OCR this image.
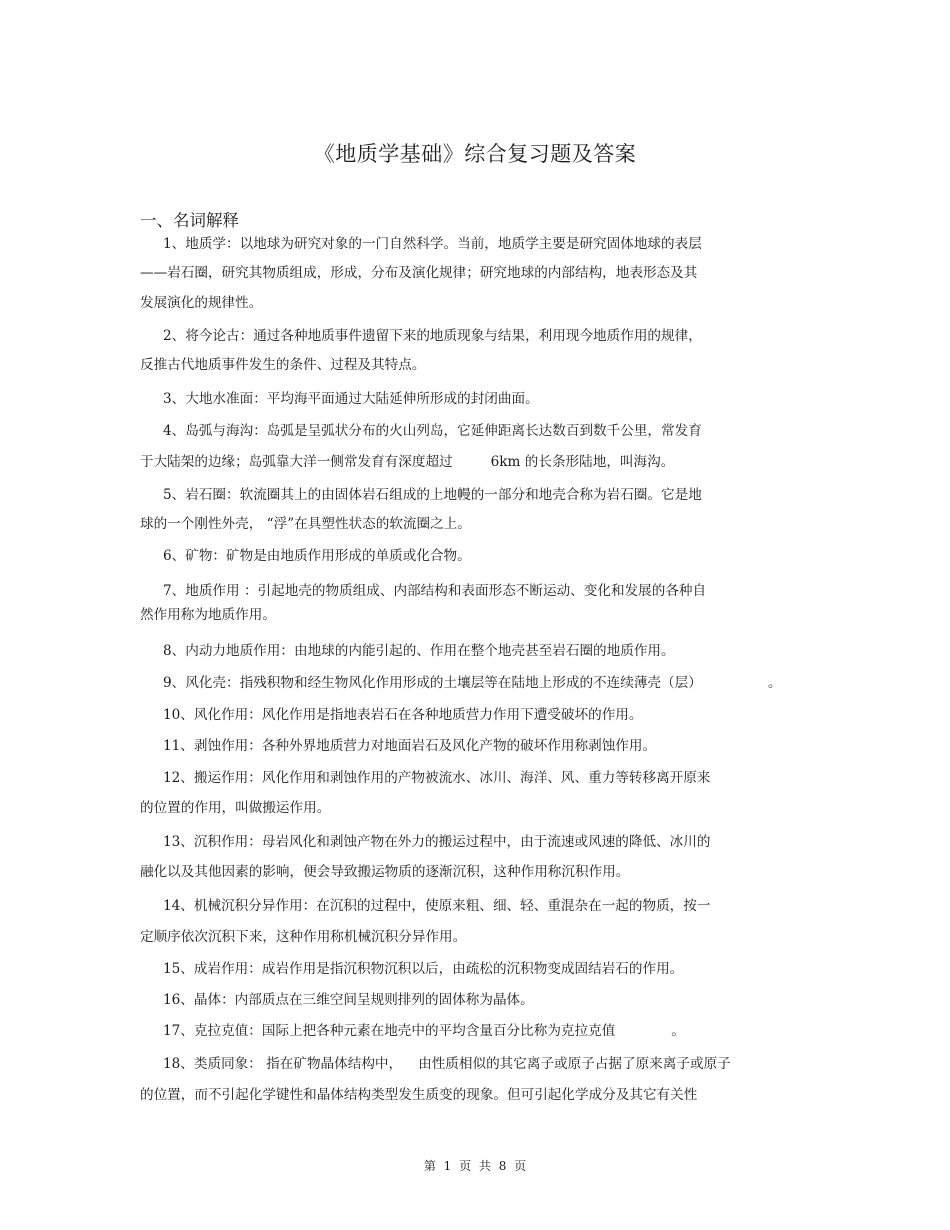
《地质学基础》综合复习题及答案
一、名词解释
1、地质学：以地球为研究对象的一门自然科学。当前，地质学主要是研究固体地球的表层
——岩石圈，研究其物质组成，形成，分布及演化规律；研究地球的内部结构，地表形态及其
发展演化的规律性。
2、将今论古：通过各种地质事件遗留下来的地质现象与结果，利用现今地质作用的规律，
反推古代地质事件发生的条件、过程及其特点。
3、大地水准面：平均海平面通过大陆延伸所形成的封闭曲面。
4、岛弧与海沟：岛弧是呈弧状分布的火山列岛，它延伸距离长达数百到数千公里，常发育
于大陆架的边缘；岛弧靠大洋一侧常发育有深度超过	6km 的长条形陆地，叫海沟。
5、岩石圈：软流圈其上的由固体岩石组成的上地幔的一部分和地壳合称为岩石圈。它是地
球的一个刚性外壳， “浮”在具塑性状态的软流圈之上。
6、矿物：矿物是由地质作用形成的单质或化合物。
7、地质作用 ：引起地壳的物质组成、内部结构和表面形态不断运动、变化和发展的各种自
然作用称为地质作用。
8、内动力地质作用：由地球的内能引起的、作用在整个地壳甚至岩石圈的地质作用。
9、风化壳：指残积物和经生物风化作用形成的土壤层等在陆地上形成的不连续薄壳（层）	。
10、风化作用：风化作用是指地表岩石在各种地质营力作用下遭受破坏的作用。
11、剥蚀作用：各种外界地质营力对地面岩石及风化产物的破坏作用称剥蚀作用。
12、搬运作用：风化作用和剥蚀作用的产物被流水、冰川、海洋、风、重力等转移离开原来
的位置的作用，叫做搬运作用。
13、沉积作用：母岩风化和剥蚀产物在外力的搬运过程中，由于流速或风速的降低、冰川的
融化以及其他因素的影响，便会导致搬运物质的逐渐沉积，这种作用称沉积作用。
14、机械沉积分异作用：在沉积的过程中，使原来粗、细、轻、重混杂在一起的物质，按一
定顺序依次沉积下来，这种作用称机械沉积分异作用。
15、成岩作用：成岩作用是指沉积物沉积以后，由疏松的沉积物变成固结岩石的作用。
16、晶体：内部质点在三维空间呈规则排列的固体称为晶体。
17、克拉克值：国际上把各种元素在地壳中的平均含量百分比称为克拉克值	。
18、类质同象： 指在矿物晶体结构中， 由性质相似的其它离子或原子占据了原来离子或原子
的位置，而不引起化学键性和晶体结构类型发生质变的现象。但可引起化学成分及其它有关性
第 1 页 共 8 页
